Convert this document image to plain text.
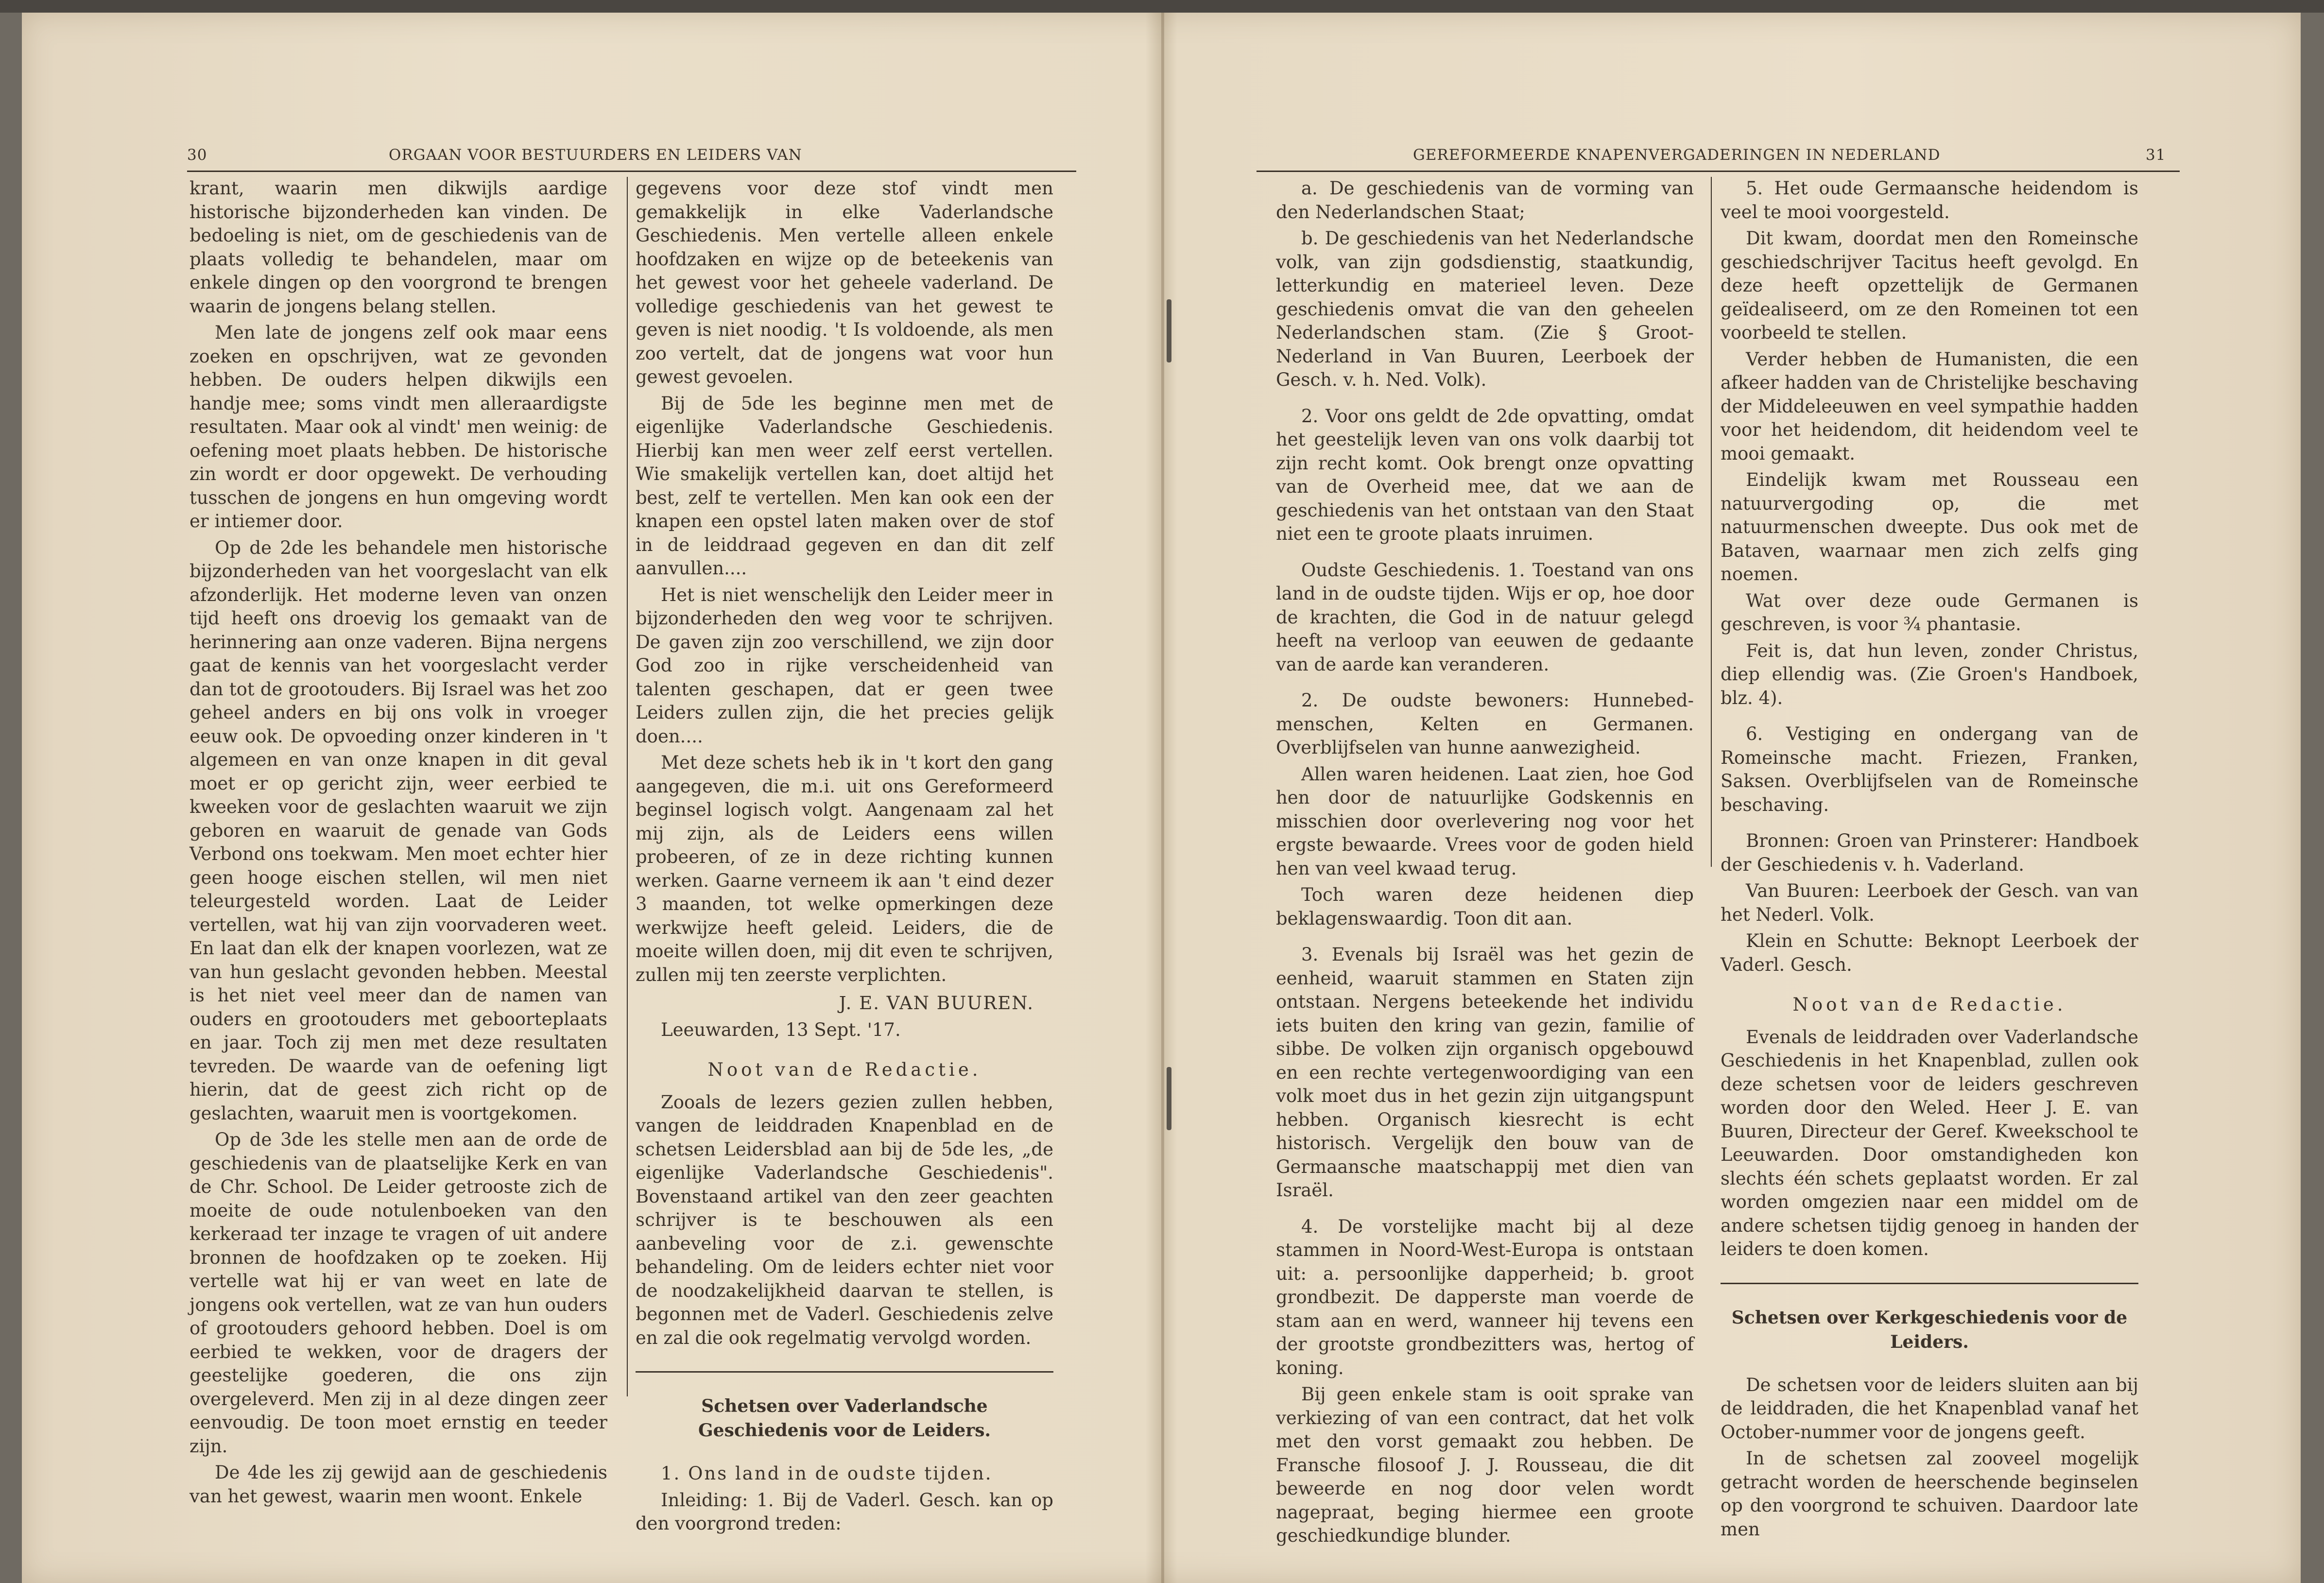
30	ORGAAN VOOR BESTUURDERS EN LEIDERS VAN

krant, waarin men dikwijls aardige historische bijzonderheden kan vinden. De bedoeling is niet, om de geschiedenis van de plaats volledig te behandelen, maar om enkele dingen op den voorgrond te brengen waarin de jongens belang stellen.

Men late de jongens zelf ook maar eens zoeken en opschrijven, wat ze gevonden hebben. De ouders helpen dikwijls een handje mee; soms vindt men alleraardigste resultaten. Maar ook al vindt' men weinig: de oefening moet plaats hebben. De historische zin wordt er door opgewekt. De verhouding tusschen de jongens en hun omgeving wordt er intiemer door.

Op de 2de les behandele men historische bijzonderheden van het voorgeslacht van elk afzonderlijk. Het moderne leven van onzen tijd heeft ons droevig los gemaakt van de herinnering aan onze vaderen. Bijna nergens gaat de kennis van het voorgeslacht verder dan tot de grootouders. Bij Israel was het zoo geheel anders en bij ons volk in vroeger eeuw ook. De opvoeding onzer kinderen in 't algemeen en van onze knapen in dit geval moet er op gericht zijn, weer eerbied te kweeken voor de geslachten waaruit we zijn geboren en waaruit de genade van Gods Verbond ons toekwam. Men moet echter hier geen hooge eischen stellen, wil men niet teleurgesteld worden. Laat de Leider vertellen, wat hij van zijn voorvaderen weet. En laat dan elk der knapen voorlezen, wat ze van hun geslacht gevonden hebben. Meestal is het niet veel meer dan de namen van ouders en grootouders met geboorteplaats en jaar. Toch zij men met deze resultaten tevreden. De waarde van de oefening ligt hierin, dat de geest zich richt op de geslachten, waaruit men is voortgekomen.

Op de 3de les stelle men aan de orde de geschiedenis van de plaatselijke Kerk en van de Chr. School. De Leider getrooste zich de moeite de oude notulenboeken van den kerkeraad ter inzage te vragen of uit andere bronnen de hoofdzaken op te zoeken. Hij vertelle wat hij er van weet en late de jongens ook vertellen, wat ze van hun ouders of grootouders gehoord hebben. Doel is om eerbied te wekken, voor de dragers der geestelijke goederen, die ons zijn overgeleverd. Men zij in al deze dingen zeer eenvoudig. De toon moet ernstig en teeder zijn.

De 4de les zij gewijd aan de geschiedenis van het gewest, waarin men woont. Enkele

gegevens voor deze stof vindt men gemakkelijk in elke Vaderlandsche Geschiedenis. Men vertelle alleen enkele hoofdzaken en wijze op de beteekenis van het gewest voor het geheele vaderland. De volledige geschiedenis van het gewest te geven is niet noodig. 't Is voldoende, als men zoo vertelt, dat de jongens wat voor hun gewest gevoelen.

Bij de 5de les beginne men met de eigenlijke Vaderlandsche Geschiedenis. Hierbij kan men weer zelf eerst vertellen. Wie smakelijk vertellen kan, doet altijd het best, zelf te vertellen. Men kan ook een der knapen een opstel laten maken over de stof in de leiddraad gegeven en dan dit zelf aanvullen....

Het is niet wenschelijk den Leider meer in bijzonderheden den weg voor te schrijven. De gaven zijn zoo verschillend, we zijn door God zoo in rijke verscheidenheid van talenten geschapen, dat er geen twee Leiders zullen zijn, die het precies gelijk doen....

Met deze schets heb ik in 't kort den gang aangegeven, die m.i. uit ons Gereformeerd beginsel logisch volgt. Aangenaam zal het mij zijn, als de Leiders eens willen probeeren, of ze in deze richting kunnen werken. Gaarne verneem ik aan 't eind dezer 3 maanden, tot welke opmerkingen deze werkwijze heeft geleid. Leiders, die de moeite willen doen, mij dit even te schrijven, zullen mij ten zeerste verplichten.

J. E. VAN BUUREN.

Leeuwarden, 13 Sept. '17.

Noot van de Redactie.

Zooals de lezers gezien zullen hebben, vangen de leiddraden Knapenblad en de schetsen Leidersblad aan bij de 5de les, „de eigenlijke Vaderlandsche Geschiedenis". Bovenstaand artikel van den zeer geachten schrijver is te beschouwen als een aanbeveling voor de z.i. gewenschte behandeling. Om de leiders echter niet voor de noodzakelijkheid daarvan te stellen, is begonnen met de Vaderl. Geschiedenis zelve en zal die ook regelmatig vervolgd worden.

Schetsen over Vaderlandsche Geschiedenis voor de Leiders.

1. Ons land in de oudste tijden.

Inleiding: 1. Bij de Vaderl. Gesch. kan op den voorgrond treden:

GEREFORMEERDE KNAPENVERGADERINGEN IN NEDERLAND	31

a. De geschiedenis van de vorming van den Nederlandschen Staat;

b. De geschiedenis van het Nederlandsche volk, van zijn godsdienstig, staatkundig, letterkundig en materieel leven. Deze geschiedenis omvat die van den geheelen Nederlandschen stam. (Zie § Groot-Nederland in Van Buuren, Leerboek der Gesch. v. h. Ned. Volk).

2. Voor ons geldt de 2de opvatting, omdat het geestelijk leven van ons volk daarbij tot zijn recht komt. Ook brengt onze opvatting van de Overheid mee, dat we aan de geschiedenis van het ontstaan van den Staat niet een te groote plaats inruimen.

Oudste Geschiedenis. 1. Toestand van ons land in de oudste tijden. Wijs er op, hoe door de krachten, die God in de natuur gelegd heeft na verloop van eeuwen de gedaante van de aarde kan veranderen.

2. De oudste bewoners: Hunnebed-menschen, Kelten en Germanen. Overblijfselen van hunne aanwezigheid.

Allen waren heidenen. Laat zien, hoe God hen door de natuurlijke Godskennis en misschien door overlevering nog voor het ergste bewaarde. Vrees voor de goden hield hen van veel kwaad terug.

Toch waren deze heidenen diep beklagenswaardig. Toon dit aan.

3. Evenals bij Israël was het gezin de eenheid, waaruit stammen en Staten zijn ontstaan. Nergens beteekende het individu iets buiten den kring van gezin, familie of sibbe. De volken zijn organisch opgebouwd en een rechte vertegenwoordiging van een volk moet dus in het gezin zijn uitgangspunt hebben. Organisch kiesrecht is echt historisch. Vergelijk den bouw van de Germaansche maatschappij met dien van Israël.

4. De vorstelijke macht bij al deze stammen in Noord-West-Europa is ontstaan uit: a. persoonlijke dapperheid; b. groot grondbezit. De dapperste man voerde de stam aan en werd, wanneer hij tevens een der grootste grondbezitters was, hertog of koning.

Bij geen enkele stam is ooit sprake van verkiezing of van een contract, dat het volk met den vorst gemaakt zou hebben. De Fransche filosoof J. J. Rousseau, die dit beweerde en nog door velen wordt nagepraat, beging hiermee een groote geschiedkundige blunder.

5. Het oude Germaansche heidendom is veel te mooi voorgesteld.

Dit kwam, doordat men den Romeinsche geschiedschrijver Tacitus heeft gevolgd. En deze heeft opzettelijk de Germanen geïdealiseerd, om ze den Romeinen tot een voorbeeld te stellen.

Verder hebben de Humanisten, die een afkeer hadden van de Christelijke beschaving der Middeleeuwen en veel sympathie hadden voor het heidendom, dit heidendom veel te mooi gemaakt.

Eindelijk kwam met Rousseau een natuurvergoding op, die met natuurmenschen dweepte. Dus ook met de Bataven, waarnaar men zich zelfs ging noemen.

Wat over deze oude Germanen is geschreven, is voor ¾ phantasie.

Feit is, dat hun leven, zonder Christus, diep ellendig was. (Zie Groen's Handboek, blz. 4).

6. Vestiging en ondergang van de Romeinsche macht. Friezen, Franken, Saksen. Overblijfselen van de Romeinsche beschaving.

Bronnen: Groen van Prinsterer: Handboek der Geschiedenis v. h. Vaderland.

Van Buuren: Leerboek der Gesch. van van het Nederl. Volk.

Klein en Schutte: Beknopt Leerboek der Vaderl. Gesch.

Noot van de Redactie.

Evenals de leiddraden over Vaderlandsche Geschiedenis in het Knapenblad, zullen ook deze schetsen voor de leiders geschreven worden door den Weled. Heer J. E. van Buuren, Directeur der Geref. Kweekschool te Leeuwarden. Door omstandigheden kon slechts één schets geplaatst worden. Er zal worden omgezien naar een middel om de andere schetsen tijdig genoeg in handen der leiders te doen komen.

Schetsen over Kerkgeschiedenis voor de Leiders.

De schetsen voor de leiders sluiten aan bij de leiddraden, die het Knapenblad vanaf het October-nummer voor de jongens geeft.

In de schetsen zal zooveel mogelijk getracht worden de heerschende beginselen op den voorgrond te schuiven. Daardoor late men
